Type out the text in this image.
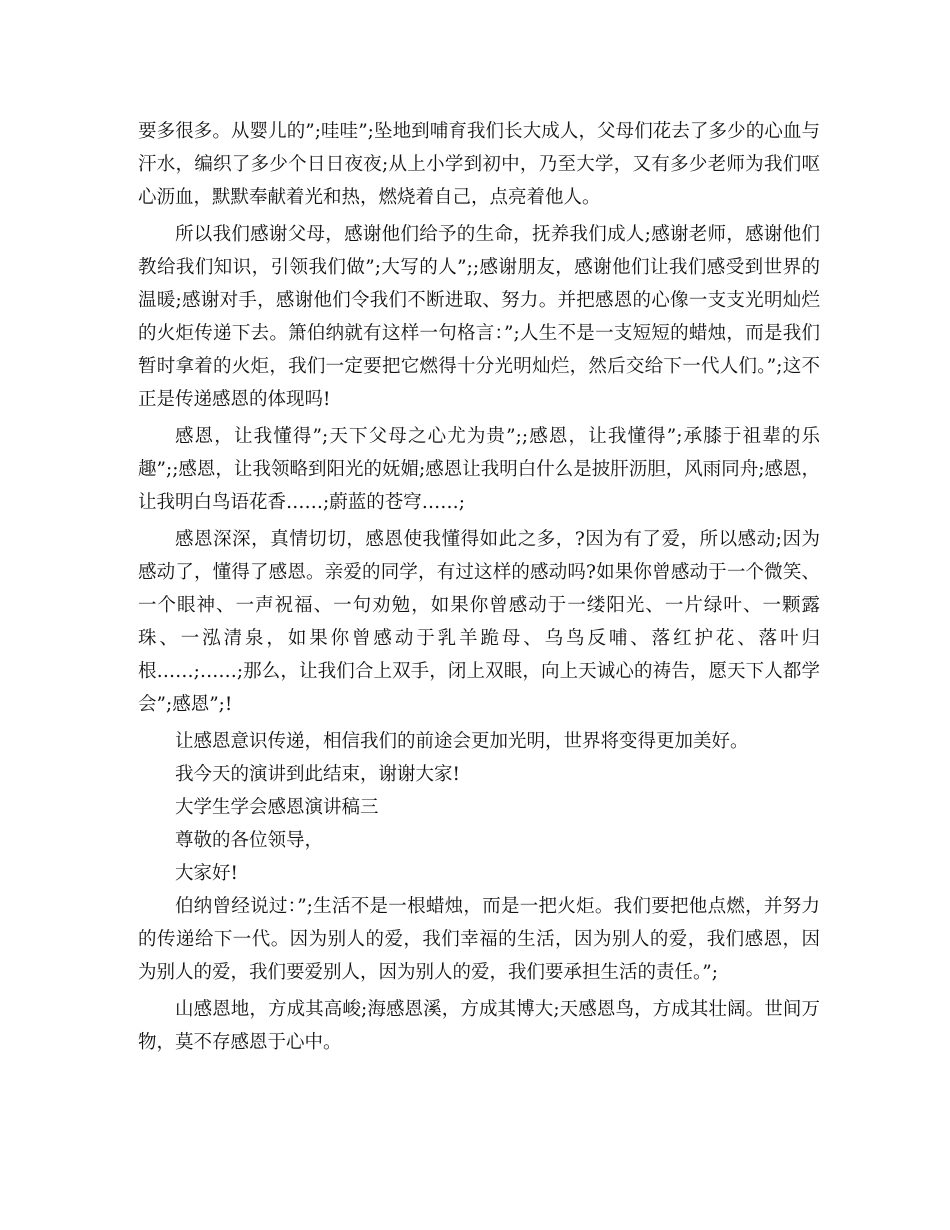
要多很多。从婴儿的”;哇哇”;坠地到哺育我们长大成人，父母们花去了多少的心血与汗水，编织了多少个日日夜夜;从上小学到初中，乃至大学，又有多少老师为我们呕心沥血，默默奉献着光和热，燃烧着自己，点亮着他人。

所以我们感谢父母，感谢他们给予的生命，抚养我们成人;感谢老师，感谢他们教给我们知识，引领我们做”;大写的人”;;感谢朋友，感谢他们让我们感受到世界的温暖;感谢对手，感谢他们令我们不断进取、努力。并把感恩的心像一支支光明灿烂的火炬传递下去。箫伯纳就有这样一句格言：”;人生不是一支短短的蜡烛，而是我们暂时拿着的火炬，我们一定要把它燃得十分光明灿烂，然后交给下一代人们。”;这不正是传递感恩的体现吗!

感恩，让我懂得”;天下父母之心尤为贵”;;感恩，让我懂得”;承膝于祖辈的乐趣”;;感恩，让我领略到阳光的妩媚;感恩让我明白什么是披肝沥胆，风雨同舟;感恩，让我明白鸟语花香……;蔚蓝的苍穹……;

感恩深深，真情切切，感恩使我懂得如此之多，?因为有了爱，所以感动;因为感动了，懂得了感恩。亲爱的同学，有过这样的感动吗?如果你曾感动于一个微笑、一个眼神、一声祝福、一句劝勉，如果你曾感动于一缕阳光、一片绿叶、一颗露珠、一泓清泉，如果你曾感动于乳羊跪母、乌鸟反哺、落红护花、落叶归根……;……;那么，让我们合上双手，闭上双眼，向上天诚心的祷告，愿天下人都学会”;感恩”;!

让感恩意识传递，相信我们的前途会更加光明，世界将变得更加美好。

我今天的演讲到此结束，谢谢大家!

大学生学会感恩演讲稿三

尊敬的各位领导，

大家好!

伯纳曾经说过：”;生活不是一根蜡烛，而是一把火炬。我们要把他点燃，并努力的传递给下一代。因为别人的爱，我们幸福的生活，因为别人的爱，我们感恩，因为别人的爱，我们要爱别人，因为别人的爱，我们要承担生活的责任。”;

山感恩地，方成其高峻;海感恩溪，方成其博大;天感恩鸟，方成其壮阔。世间万物，莫不存感恩于心中。
